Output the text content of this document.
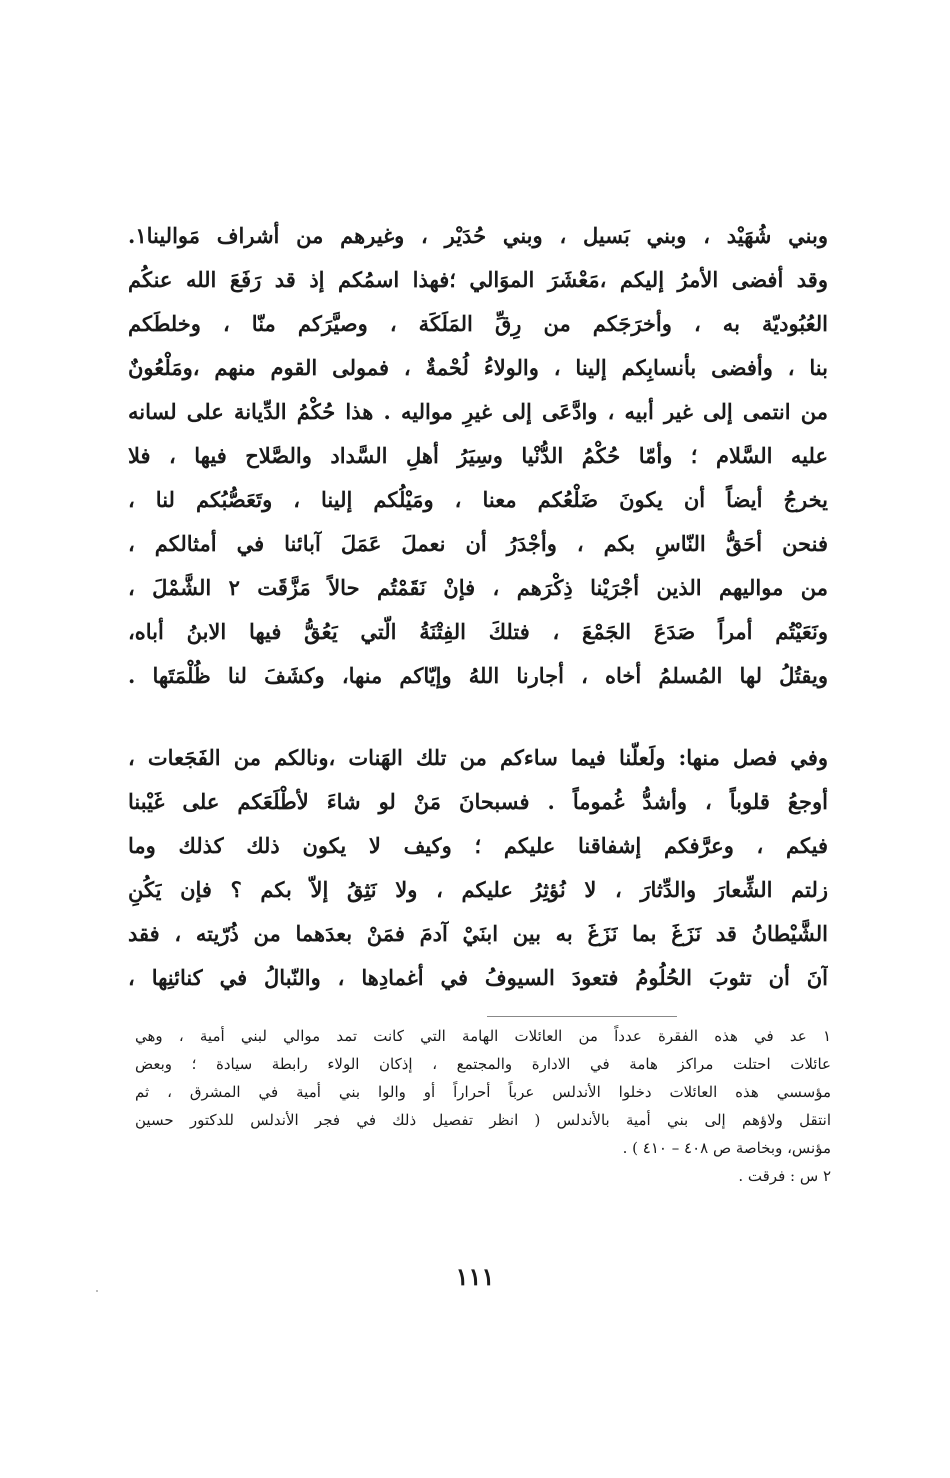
وبني شُهَيْد ، وبني بَسيل ، وبني حُدَيْر ، وغيرهم من أشراف مَوالينا١.
وقد أفضى الأمرُ إليكم ،مَعْشَرَ الموَالي ؛فهذا اسمُكم إذ قد رَفَعَ الله عنكُم
العُبُوديّة به ، وأخرَجَكم من رِقِّ المَلَكَة ، وصيَّرَكم منّا ، وخلطَكم
بنا ، وأفضى بأنسابِكم إلينا ، والولاءُ لُحْمةٌ ، فمولى القوم منهم ،ومَلْعُونٌ
من انتمى إلى غير أبيه ، وادَّعَى إلى غيرِ مواليه . هذا حُكْمُ الدِّيانة على لسانه
عليه السَّلام ؛ وأمّا حُكْمُ الدُّنْيا وسِيَرُ أهلِ السَّداد والصَّلاح فيها ، فلا
يخرجُ أيضاً أن يكونَ ضَلْعُكم معنا ، ومَيْلُكم إلينا ، وتَعَصُّبُكم لنا ،
فنحن أحَقُّ النّاسِ بكم ، وأجْدَرُ أن نعملَ عَمَلَ آبائنا في أمثالكم ،
من مواليهم الذين أجْرَيْنا ذِكْرَهم ، فإنْ نَقَمْتُم حالاً مَزَّقَت ٢ الشَّمْلَ ،
ونَعَيْتُم أمراً صَدَعَ الجَمْعَ ، فتلكَ الفِتْنَةُ الّتي يَعُقُّ فيها الابنُ أباه،
ويقتُلُ لها المُسلمُ أخاه ، أجارنا اللهُ وإيّاكم منها، وكشَفَ لنا ظُلْمَتَها .
وفي فصل منها: ولَعلّنا فيما ساءكم من تلك الهَنات ،ونالكم من الفَجَعات ،
أوجعُ قلوباً ، وأشدُّ غُموماً . فسبحانَ مَنْ لو شاءَ لأطْلَعَكم على غَيْبنا
فيكم ، وعرَّفكم إشفاقنا عليكم ؛ وكيف لا يكون ذلك كذلك وما
زلتم الشِّعارَ والدِّثارَ ، لا نُؤثِرُ عليكم ، ولا نَثِقُ إلاّ بكم ؟ فإن يَكُنِ
الشَّيْطانُ قد نَزَغَ بما نَزَغَ به بين ابنَيْ آدمَ فمَنْ بعدَهما من ذُرّيته ، فقد
آنَ أن تثوبَ الحُلُومُ فتعودَ السيوفُ في أغمادِها ، والنّبالُ في كنائنِها ،
١ عد في هذه الفقرة عدداً من العائلات الهامة التي كانت تمد موالي لبني أمية ، وهي
عائلات احتلت مراكز هامة في الادارة والمجتمع ، إذكان الولاء رابطة سيادة ؛ وبعض
مؤسسي هذه العائلات دخلوا الأندلس عرباً أحراراً أو والوا بني أمية في المشرق ، ثم
انتقل ولاؤهم إلى بني أمية بالأندلس ( انظر تفصيل ذلك في فجر الأندلس للدكتور حسين
مؤنس، وبخاصة ص ٤٠٨ – ٤١٠ ) .
٢ س : فرقت .
١١١
